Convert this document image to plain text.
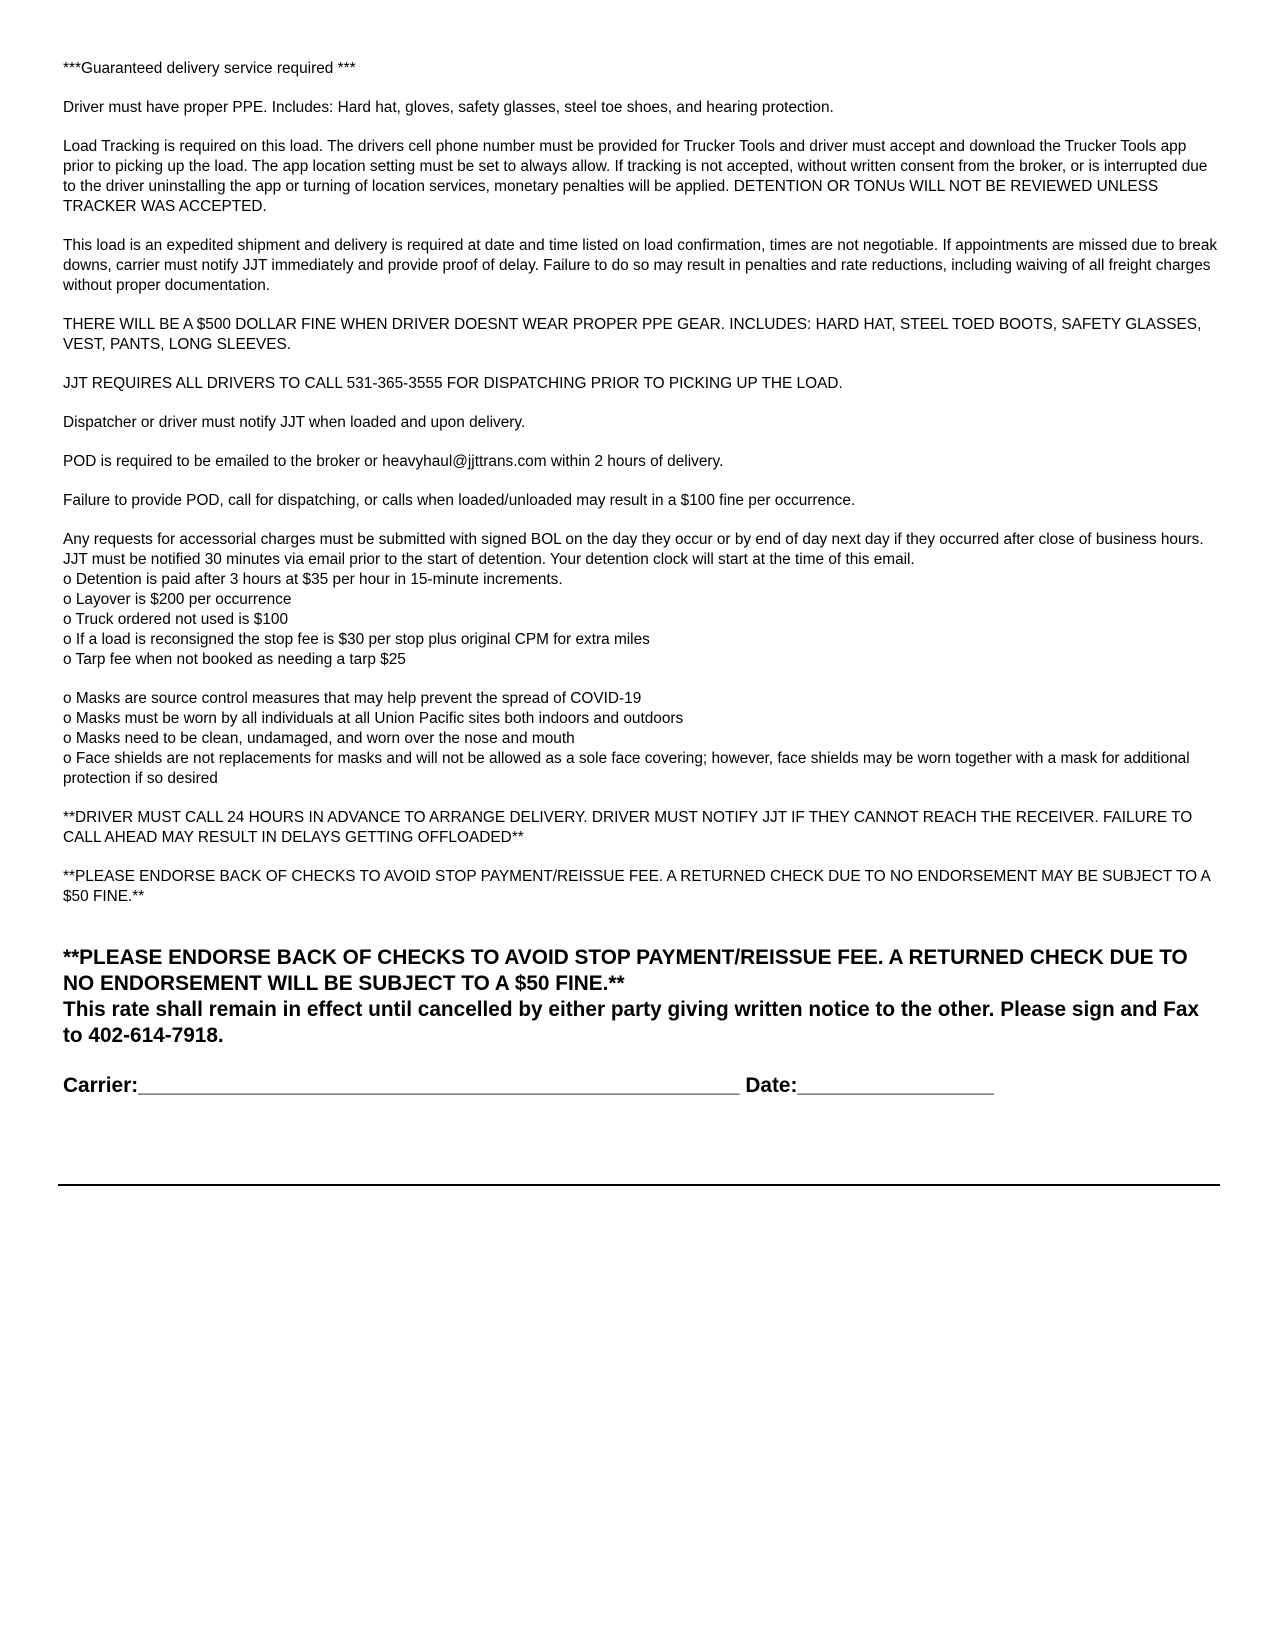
***Guaranteed delivery service required ***

Driver must have proper PPE. Includes: Hard hat, gloves, safety glasses, steel toe shoes, and hearing protection.

Load Tracking is required on this load. The drivers cell phone number must be provided for Trucker Tools and driver must accept and download the Trucker Tools app prior to picking up the load. The app location setting must be set to always allow. If tracking is not accepted, without written consent from the broker, or is interrupted due to the driver uninstalling the app or turning of location services, monetary penalties will be applied. DETENTION OR TONUs WILL NOT BE REVIEWED UNLESS TRACKER WAS ACCEPTED.

This load is an expedited shipment and delivery is required at date and time listed on load confirmation, times are not negotiable. If appointments are missed due to break downs, carrier must notify JJT immediately and provide proof of delay. Failure to do so may result in penalties and rate reductions, including waiving of all freight charges without proper documentation.

THERE WILL BE A $500 DOLLAR FINE WHEN DRIVER DOESNT WEAR PROPER PPE GEAR. INCLUDES: HARD HAT, STEEL TOED BOOTS, SAFETY GLASSES, VEST, PANTS, LONG SLEEVES.

JJT REQUIRES ALL DRIVERS TO CALL 531-365-3555 FOR DISPATCHING PRIOR TO PICKING UP THE LOAD.

Dispatcher or driver must notify JJT when loaded and upon delivery.

POD is required to be emailed to the broker or heavyhaul@jjttrans.com within 2 hours of delivery.

Failure to provide POD, call for dispatching, or calls when loaded/unloaded may result in a $100 fine per occurrence.

Any requests for accessorial charges must be submitted with signed BOL on the day they occur or by end of day next day if they occurred after close of business hours.

JJT must be notified 30 minutes via email prior to the start of detention. Your detention clock will start at the time of this email.

o Detention is paid after 3 hours at $35 per hour in 15-minute increments.

o Layover is $200 per occurrence

o Truck ordered not used is $100

o If a load is reconsigned the stop fee is $30 per stop plus original CPM for extra miles

o Tarp fee when not booked as needing a tarp $25

o Masks are source control measures that may help prevent the spread of COVID-19

o Masks must be worn by all individuals at all Union Pacific sites both indoors and outdoors

o Masks need to be clean, undamaged, and worn over the nose and mouth

o Face shields are not replacements for masks and will not be allowed as a sole face covering; however, face shields may be worn together with a mask for additional protection if so desired

**DRIVER MUST CALL 24 HOURS IN ADVANCE TO ARRANGE DELIVERY. DRIVER MUST NOTIFY JJT IF THEY CANNOT REACH THE RECEIVER. FAILURE TO CALL AHEAD MAY RESULT IN DELAYS GETTING OFFLOADED**

**PLEASE ENDORSE BACK OF CHECKS TO AVOID STOP PAYMENT/REISSUE FEE. A RETURNED CHECK DUE TO NO ENDORSEMENT MAY BE SUBJECT TO A $50 FINE.**

**PLEASE ENDORSE BACK OF CHECKS TO AVOID STOP PAYMENT/REISSUE FEE. A RETURNED CHECK DUE TO NO ENDORSEMENT WILL BE SUBJECT TO A $50 FINE.**

This rate shall remain in effect until cancelled by either party giving written notice to the other. Please sign and Fax to 402-614-7918.

Carrier:____________________________________________________ Date:_________________
